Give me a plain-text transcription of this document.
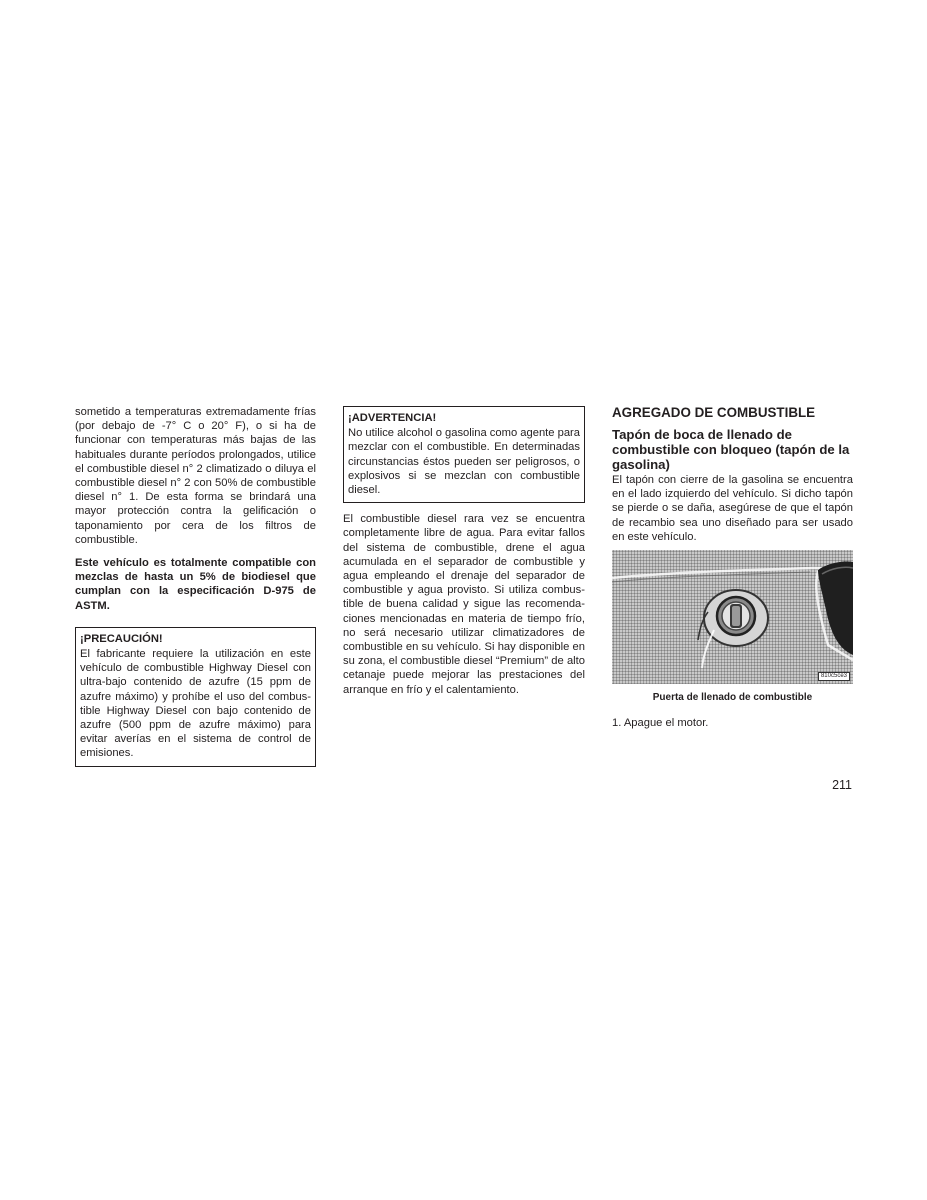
sometido a temperaturas extremadamente frías (por debajo de -7° C o 20° F), o si ha de funcionar con temperaturas más bajas de las habituales durante períodos prolongados, utilice el combustible diesel n° 2 climatizado o diluya el combustible diesel n° 2 con 50% de combustible diesel n° 1. De esta forma se brindará una mayor protección contra la gelificación o taponamiento por cera de los filtros de combustible.

Este vehículo es totalmente compatible con mezclas de hasta un 5% de biodiesel que cumplan con la especificación D-975 de ASTM.

¡PRECAUCIÓN!

El fabricante requiere la utilización en este vehículo de combustible Highway Diesel con ultra-bajo contenido de azufre (15 ppm de azufre máximo) y prohíbe el uso del combustible Highway Diesel con bajo contenido de azufre (500 ppm de azufre máximo) para evitar averías en el sistema de control de emisiones.

¡ADVERTENCIA!

No utilice alcohol o gasolina como agente para mezclar con el combustible. En determinadas circunstancias éstos pueden ser peligrosos, o explosivos si se mezclan con combustible diesel.

El combustible diesel rara vez se encuentra completamente libre de agua. Para evitar fallos del sistema de combustible, drene el agua acumulada en el separador de combustible y agua empleando el drenaje del separador de combustible y agua provisto. Si utiliza combustible de buena calidad y sigue las recomendaciones mencionadas en materia de tiempo frío, no será necesario utilizar climatizadores de combustible en su vehículo. Si hay disponible en su zona, el combustible diesel “Premium” de alto cetanaje puede mejorar las prestaciones del arranque en frío y el calentamiento.

AGREGADO DE COMBUSTIBLE

Tapón de boca de llenado de combustible con bloqueo (tapón de la gasolina)

El tapón con cierre de la gasolina se encuentra en el lado izquierdo del vehículo. Si dicho tapón se pierde o se daña, asegúrese de que el tapón de recambio sea uno diseñado para ser usado en este vehículo.

810c5ce3

Puerta de llenado de combustible

1. Apague el motor.

211
